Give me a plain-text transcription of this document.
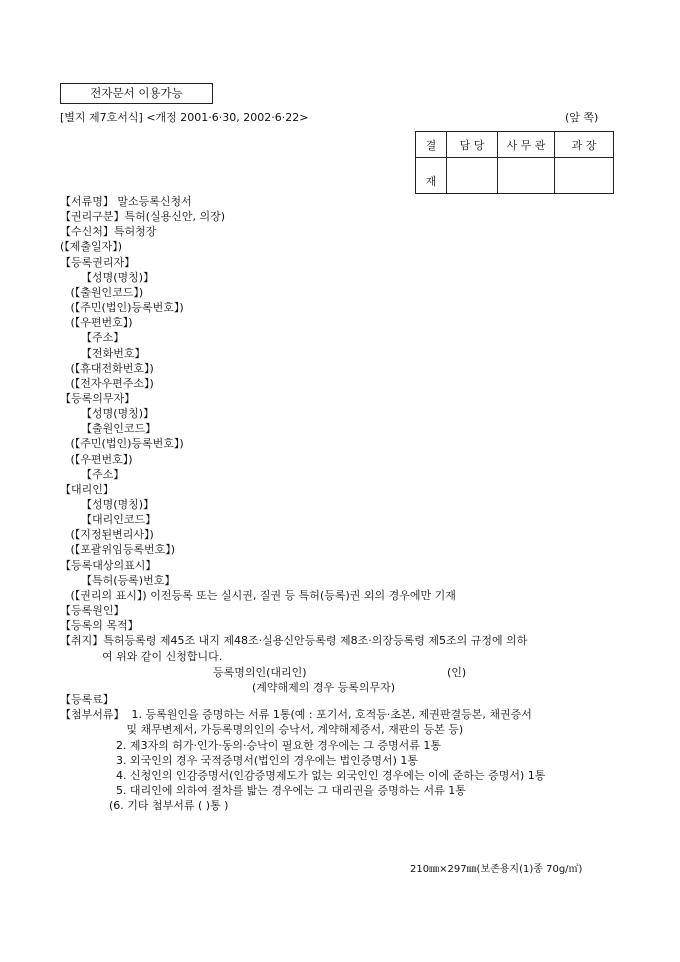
전자문서 이용가능
[별지 제7호서식] <개정 2001·6·30, 2002·6·22>	(앞 쪽)
결	담 당	사 무 관	과 장
재			
【서류명】 말소등록신청서
【권리구분】특허(실용신안, 의장)
【수신처】특허청장
(【제출일자】)
【등록권리자】
【성명(명칭)】
(【출원인코드】)
(【주민(법인)등록번호】)
(【우편번호】)
【주소】
【전화번호】
(【휴대전화번호】)
(【전자우편주소】)
【등록의무자】
【성명(명칭)】
【출원인코드】
(【주민(법인)등록번호】)
(【우편번호】)
【주소】
【대리인】
【성명(명칭)】
【대리인코드】
(【지정된변리사】)
(【포괄위임등록번호】)
【등록대상의표시】
【특허(등록)번호】
(【권리의 표시】) 이전등록 또는 실시권, 질권 등 특허(등록)권 외의 경우에만 기재
【등록원인】
【등록의 목적】
【취지】특허등록령 제45조 내지 제48조·실용신안등록령 제8조·의장등록령 제5조의 규정에 의하
여 위와 같이 신청합니다.
등록명의인(대리인)	(인)
(계약해제의 경우 등록의무자)
【등록료】
【첨부서류】  1. 등록원인을 증명하는 서류 1통(예 : 포기서, 호적등·초본, 제권판결등본, 채권증서
및 채무변제서, 가등록명의인의 승낙서, 계약해제증서, 재판의 등본 등)
2. 제3자의 허가·인가·동의·승낙이 필요한 경우에는 그 증명서류 1통
3. 외국인의 경우 국적증명서(법인의 경우에는 법인증명서) 1통
4. 신청인의 인감증명서(인감증명제도가 없는 외국인인 경우에는 이에 준하는 증명서) 1통
5. 대리인에 의하여 절차를 밟는 경우에는 그 대리권을 증명하는 서류 1통
(6. 기타 첨부서류 ( )통 )
210㎜×297㎜(보존용지(1)종 70g/㎡)
